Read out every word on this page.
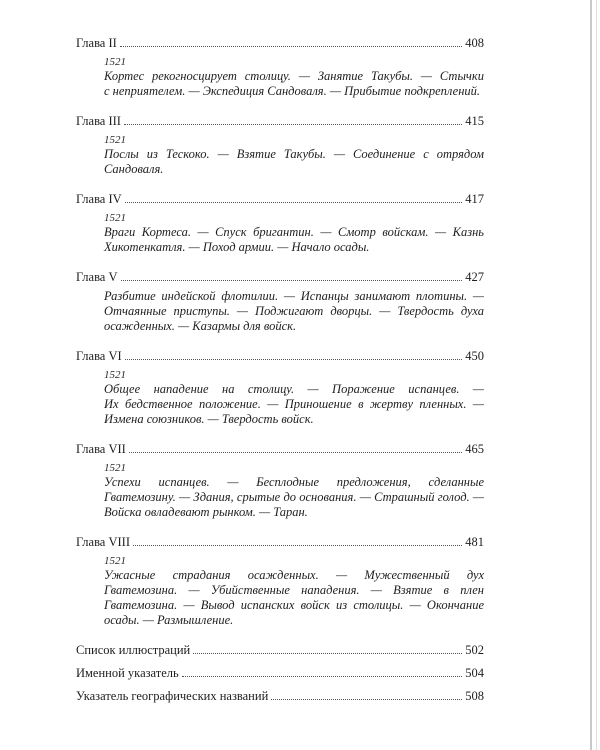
Глава II	408
1521
Кортес рекогносцирует столицу. — Занятие Такубы. — Стычки
с неприятелем. — Экспедиция Сандоваля. — Прибытие подкреплений.
Глава III	415
1521
Послы из Тескоко. — Взятие Такубы. — Соединение с отрядом Сандоваля.
Глава IV	417
1521
Враги Кортеса. — Спуск бригантин. — Смотр войскам. — Казнь
Хикотенкатля. — Поход армии. — Начало осады.
Глава V	427
Разбитие индейской флотилии. — Испанцы занимают плотины. —
Отчаянные приступы. — Поджигают дворцы. — Твердость духа
осажденных. — Казармы для войск.
Глава VI	450
1521
Общее нападение на столицу. — Поражение испанцев. —
Их бедственное положение. — Приношение в жертву пленных. —
Измена союзников. — Твердость войск.
Глава VII	465
1521
Успехи испанцев. — Бесплодные предложения, сделанные
Гватемозину. — Здания, срытые до основания. — Страшный голод. —
Войска овладевают рынком. — Таран.
Глава VIII	481
1521
Ужасные страдания осажденных. — Мужественный дух
Гватемозина. — Убийственные нападения. — Взятие в плен
Гватемозина. — Вывод испанских войск из столицы. — Окончание
осады. — Размышление.
Список иллюстраций	502
Именной указатель	504
Указатель географических названий	508
